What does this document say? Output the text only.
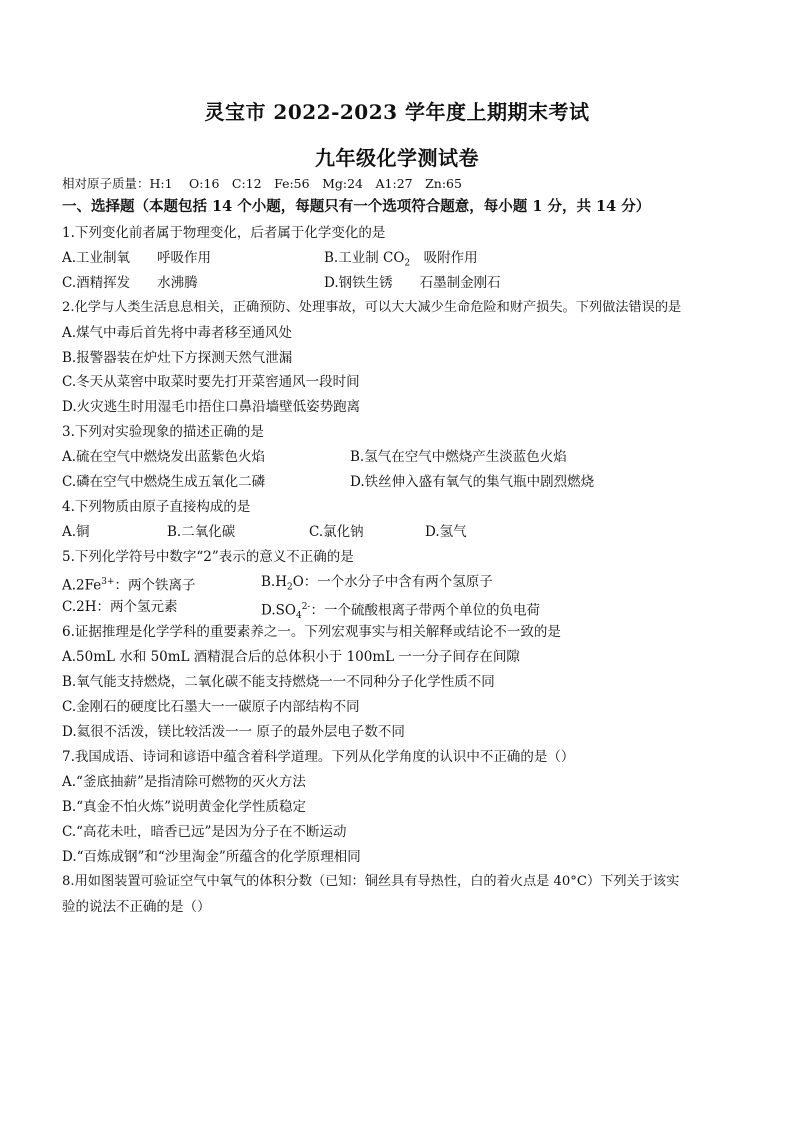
灵宝市 2022-2023 学年度上期期末考试
九年级化学测试卷
相对原子质量：H:1　 O:16　C:12　Fe:56　Mg:24　A1:27　Zn:65
一、选择题（本题包括 14 个小题，每题只有一个选项符合题意，每小题 1 分，共 14 分）
1.下列变化前者属于物理变化，后者属于化学变化的是
A.工业制氧　　呼吸作用	B.工业制 $CO_2$　吸附作用
C.酒精挥发　　水沸腾	D.钢铁生锈　　石墨制金刚石
2.化学与人类生活息息相关，正确预防、处理事故，可以大大减少生命危险和财产损失。下列做法错误的是
A.煤气中毒后首先将中毒者移至通风处
B.报警器装在炉灶下方探测天然气泄漏
C.冬天从菜窖中取菜时要先打开菜窖通风一段时间
D.火灾逃生时用湿毛巾捂住口鼻沿墙壁低姿势跑离
3.下列对实验现象的描述正确的是
A.硫在空气中燃烧发出蓝紫色火焰	B.氢气在空气中燃烧产生淡蓝色火焰
C.磷在空气中燃烧生成五氧化二磷	D.铁丝伸入盛有氧气的集气瓶中剧烈燃烧
4.下列物质由原子直接构成的是
A.铜	B.二氧化碳	C.氯化钠	D.氢气
5.下列化学符号中数字“2”表示的意义不正确的是
$A.2Fe^{3+}$：两个铁离子	$B.H_2O$：一个水分子中含有两个氢原子
C.2H：两个氢元素	$D.SO_4^{2-}$：一个硫酸根离子带两个单位的负电荷
6.证据推理是化学学科的重要素养之一。下列宏观事实与相关解释或结论不一致的是
A.50mL 水和 50mL 酒精混合后的总体积小于 100mL 一一分子间存在间隙
B.氧气能支持燃烧，二氧化碳不能支持燃烧一一不同种分子化学性质不同
C.金刚石的硬度比石墨大一一碳原子内部结构不同
D.氦很不活泼，镁比较活泼一一 原子的最外层电子数不同
7.我国成语、诗词和谚语中蕴含着科学道理。下列从化学角度的认识中不正确的是（）
A.“釜底抽薪”是指清除可燃物的灭火方法
B.“真金不怕火炼”说明黄金化学性质稳定
C.“高花未吐，暗香已远”是因为分子在不断运动
D.“百炼成钢”和“沙里淘金”所蕴含的化学原理相同
8.用如图装置可验证空气中氧气的体积分数（已知：铜丝具有导热性，白的着火点是 40°C）下列关于该实
验的说法不正确的是（）
